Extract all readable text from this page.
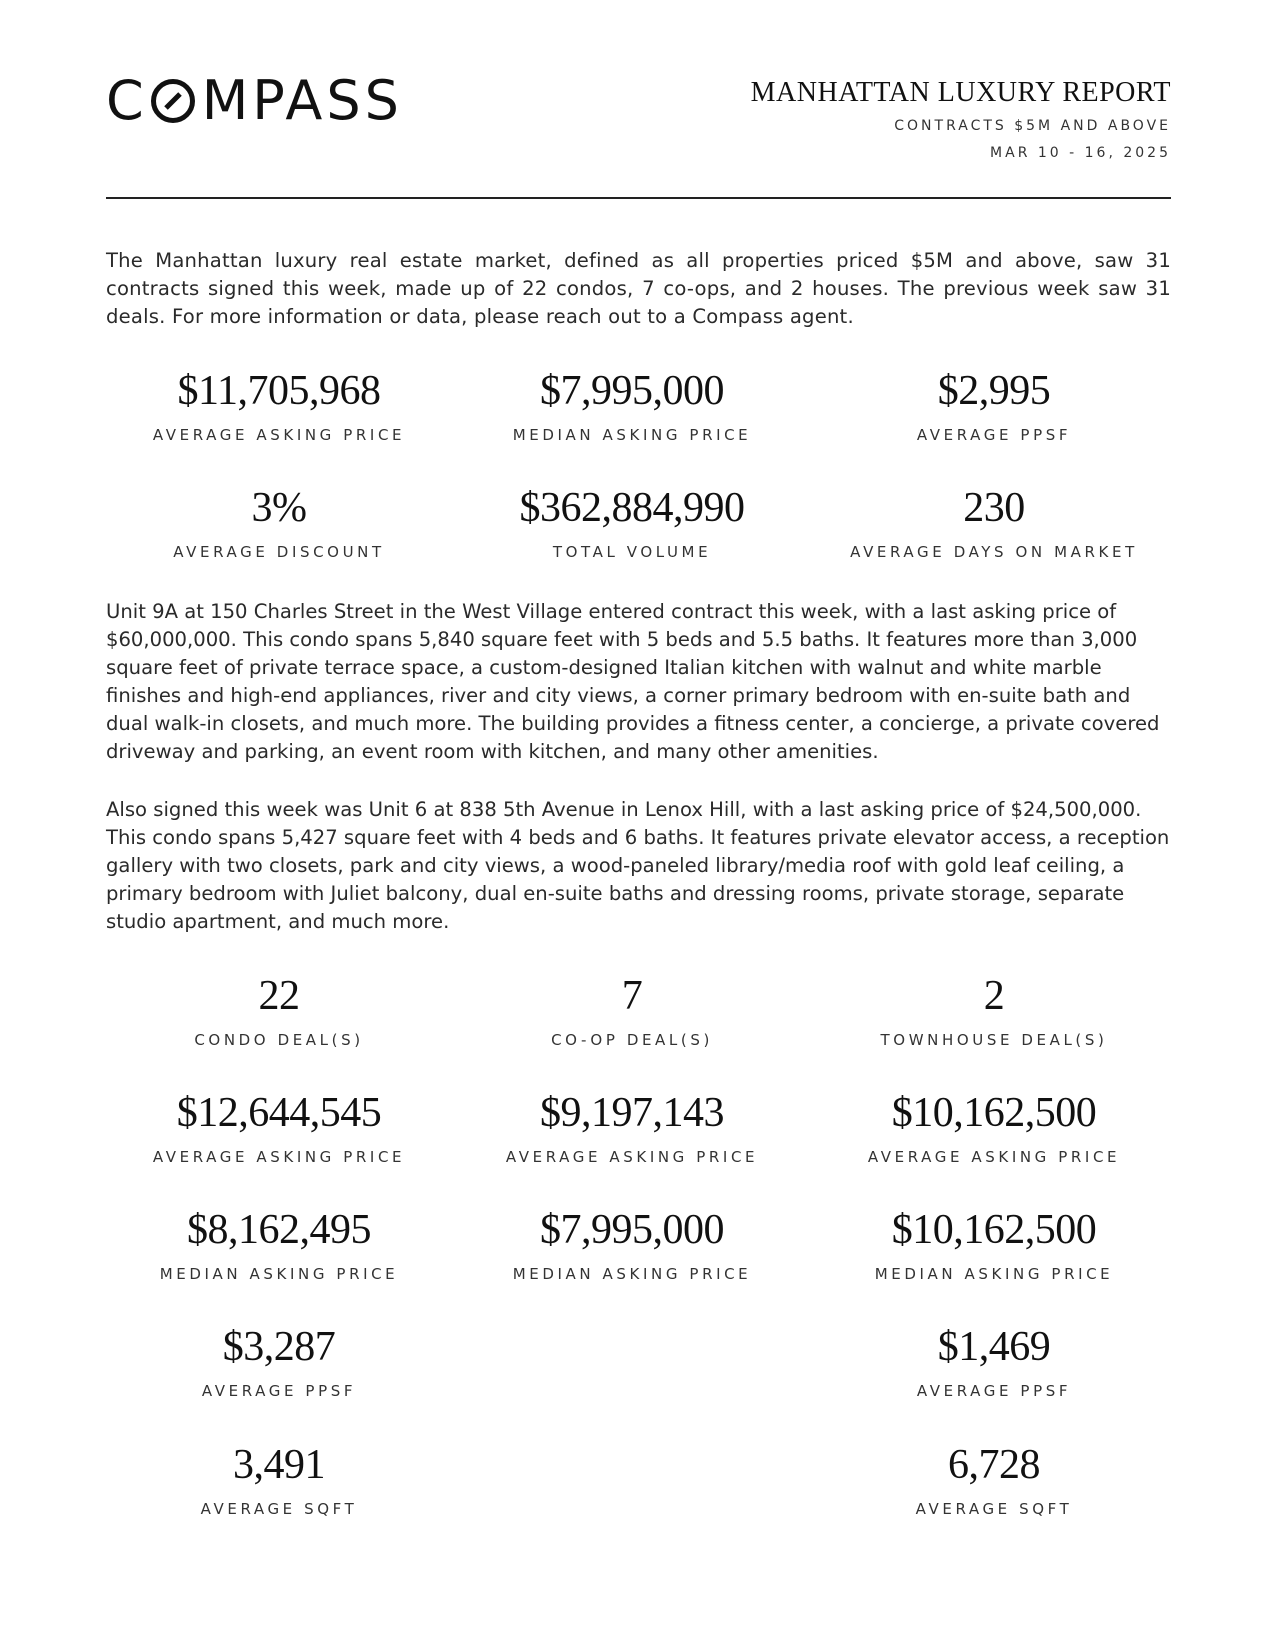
C MPASS	MANHATTAN LUXURY REPORT
CONTRACTS $5M AND ABOVE
MAR 10 - 16, 2025

The Manhattan luxury real estate market, defined as all properties priced $5M and above, saw 31 contracts signed this week, made up of 22 condos, 7 co-ops, and 2 houses. The previous week saw 31 deals. For more information or data, please reach out to a Compass agent.

$11,705,968
AVERAGE ASKING PRICE
$7,995,000
MEDIAN ASKING PRICE
$2,995
AVERAGE PPSF
3%
AVERAGE DISCOUNT
$362,884,990
TOTAL VOLUME
230
AVERAGE DAYS ON MARKET

Unit 9A at 150 Charles Street in the West Village entered contract this week, with a last asking price of $60,000,000. This condo spans 5,840 square feet with 5 beds and 5.5 baths. It features more than 3,000 square feet of private terrace space, a custom-designed Italian kitchen with walnut and white marble finishes and high-end appliances, river and city views, a corner primary bedroom with en-suite bath and dual walk-in closets, and much more. The building provides a fitness center, a concierge, a private covered driveway and parking, an event room with kitchen, and many other amenities.

Also signed this week was Unit 6 at 838 5th Avenue in Lenox Hill, with a last asking price of $24,500,000. This condo spans 5,427 square feet with 4 beds and 6 baths. It features private elevator access, a reception gallery with two closets, park and city views, a wood-paneled library/media roof with gold leaf ceiling, a primary bedroom with Juliet balcony, dual en-suite baths and dressing rooms, private storage, separate studio apartment, and much more.

22
CONDO DEAL(S)
$12,644,545
AVERAGE ASKING PRICE
$8,162,495
MEDIAN ASKING PRICE
$3,287
AVERAGE PPSF
3,491
AVERAGE SQFT
7
CO-OP DEAL(S)
$9,197,143
AVERAGE ASKING PRICE
$7,995,000
MEDIAN ASKING PRICE
2
TOWNHOUSE DEAL(S)
$10,162,500
AVERAGE ASKING PRICE
$10,162,500
MEDIAN ASKING PRICE
$1,469
AVERAGE PPSF
6,728
AVERAGE SQFT
